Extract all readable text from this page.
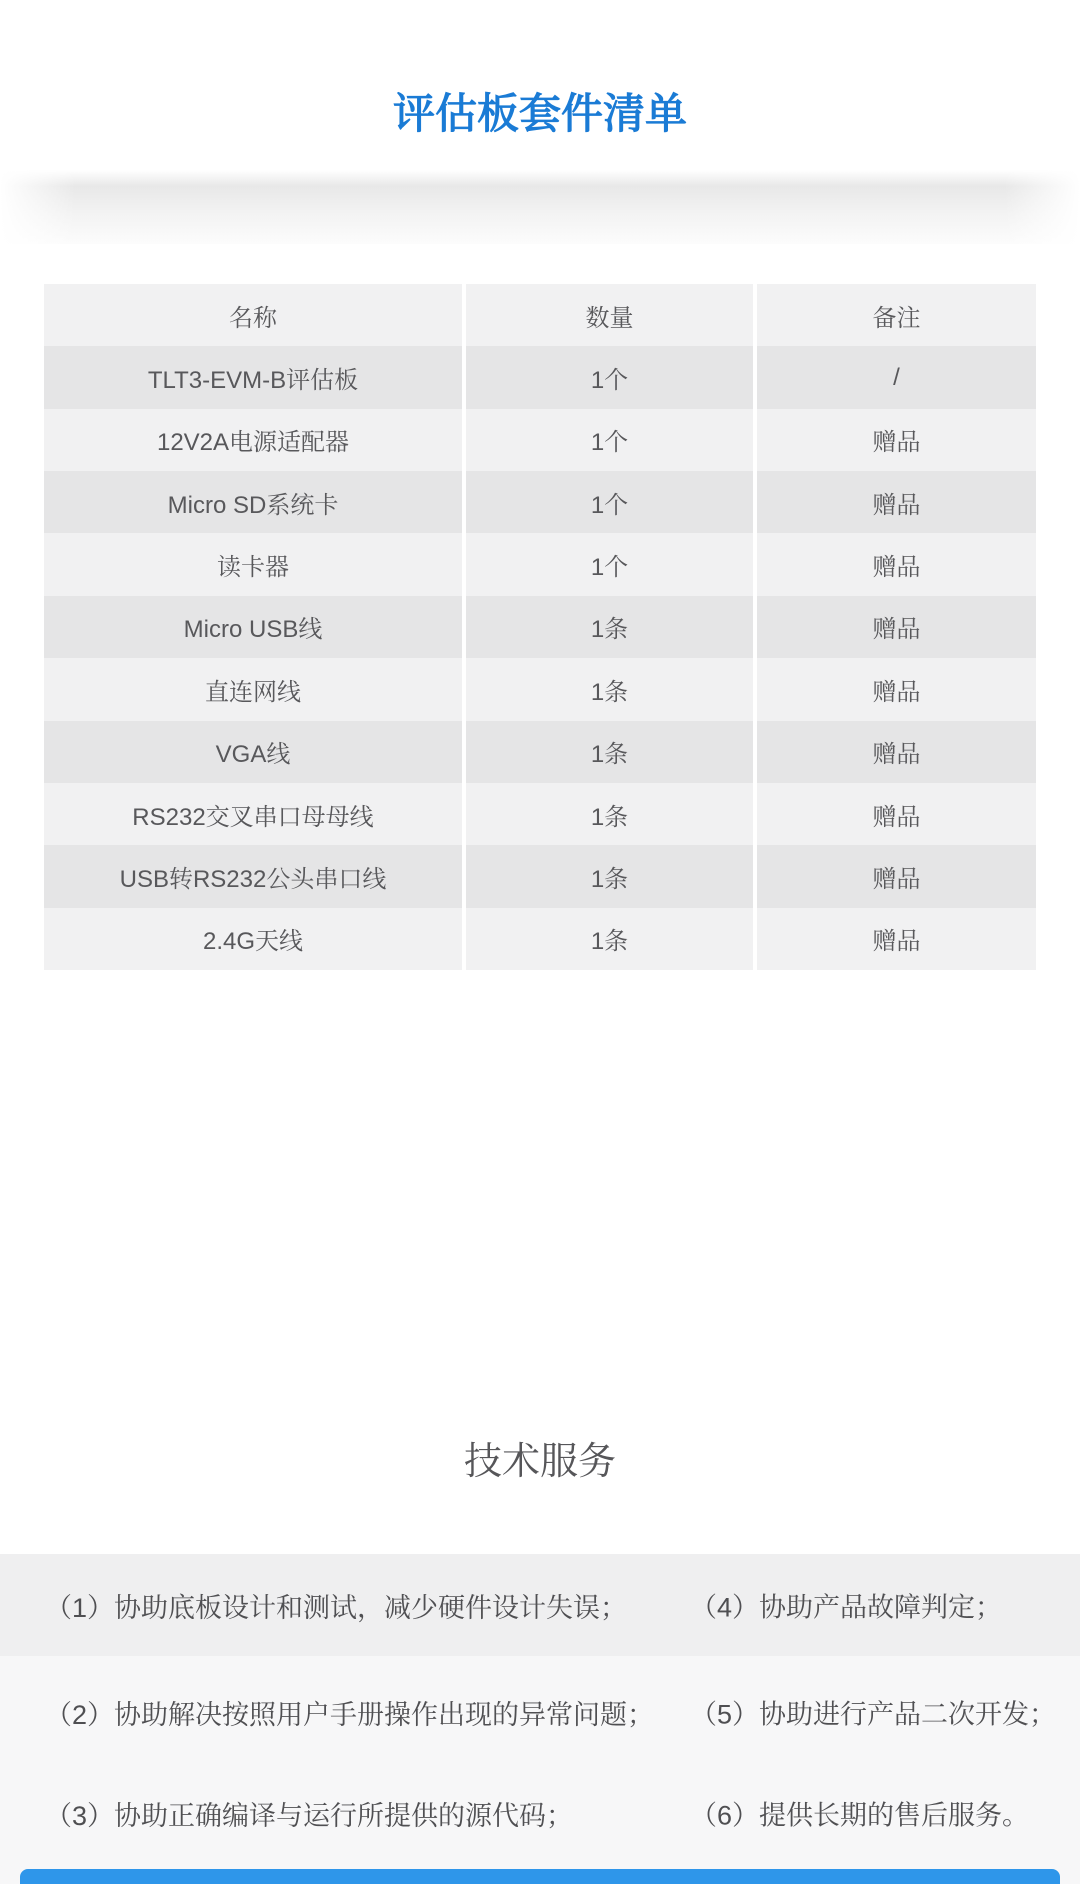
评估板套件清单
名称	数量	备注
TLT3-EVM-B评估板	1个	/
12V2A电源适配器	1个	赠品
Micro SD系统卡	1个	赠品
读卡器	1个	赠品
Micro USB线	1条	赠品
直连网线	1条	赠品
VGA线	1条	赠品
RS232交叉串口母母线	1条	赠品
USB转RS232公头串口线	1条	赠品
2.4G天线	1条	赠品
技术服务
（1）协助底板设计和测试，减少硬件设计失误； （4）协助产品故障判定；
（2）协助解决按照用户手册操作出现的异常问题； （5）协助进行产品二次开发；
（3）协助正确编译与运行所提供的源代码；	（6）提供长期的售后服务。
